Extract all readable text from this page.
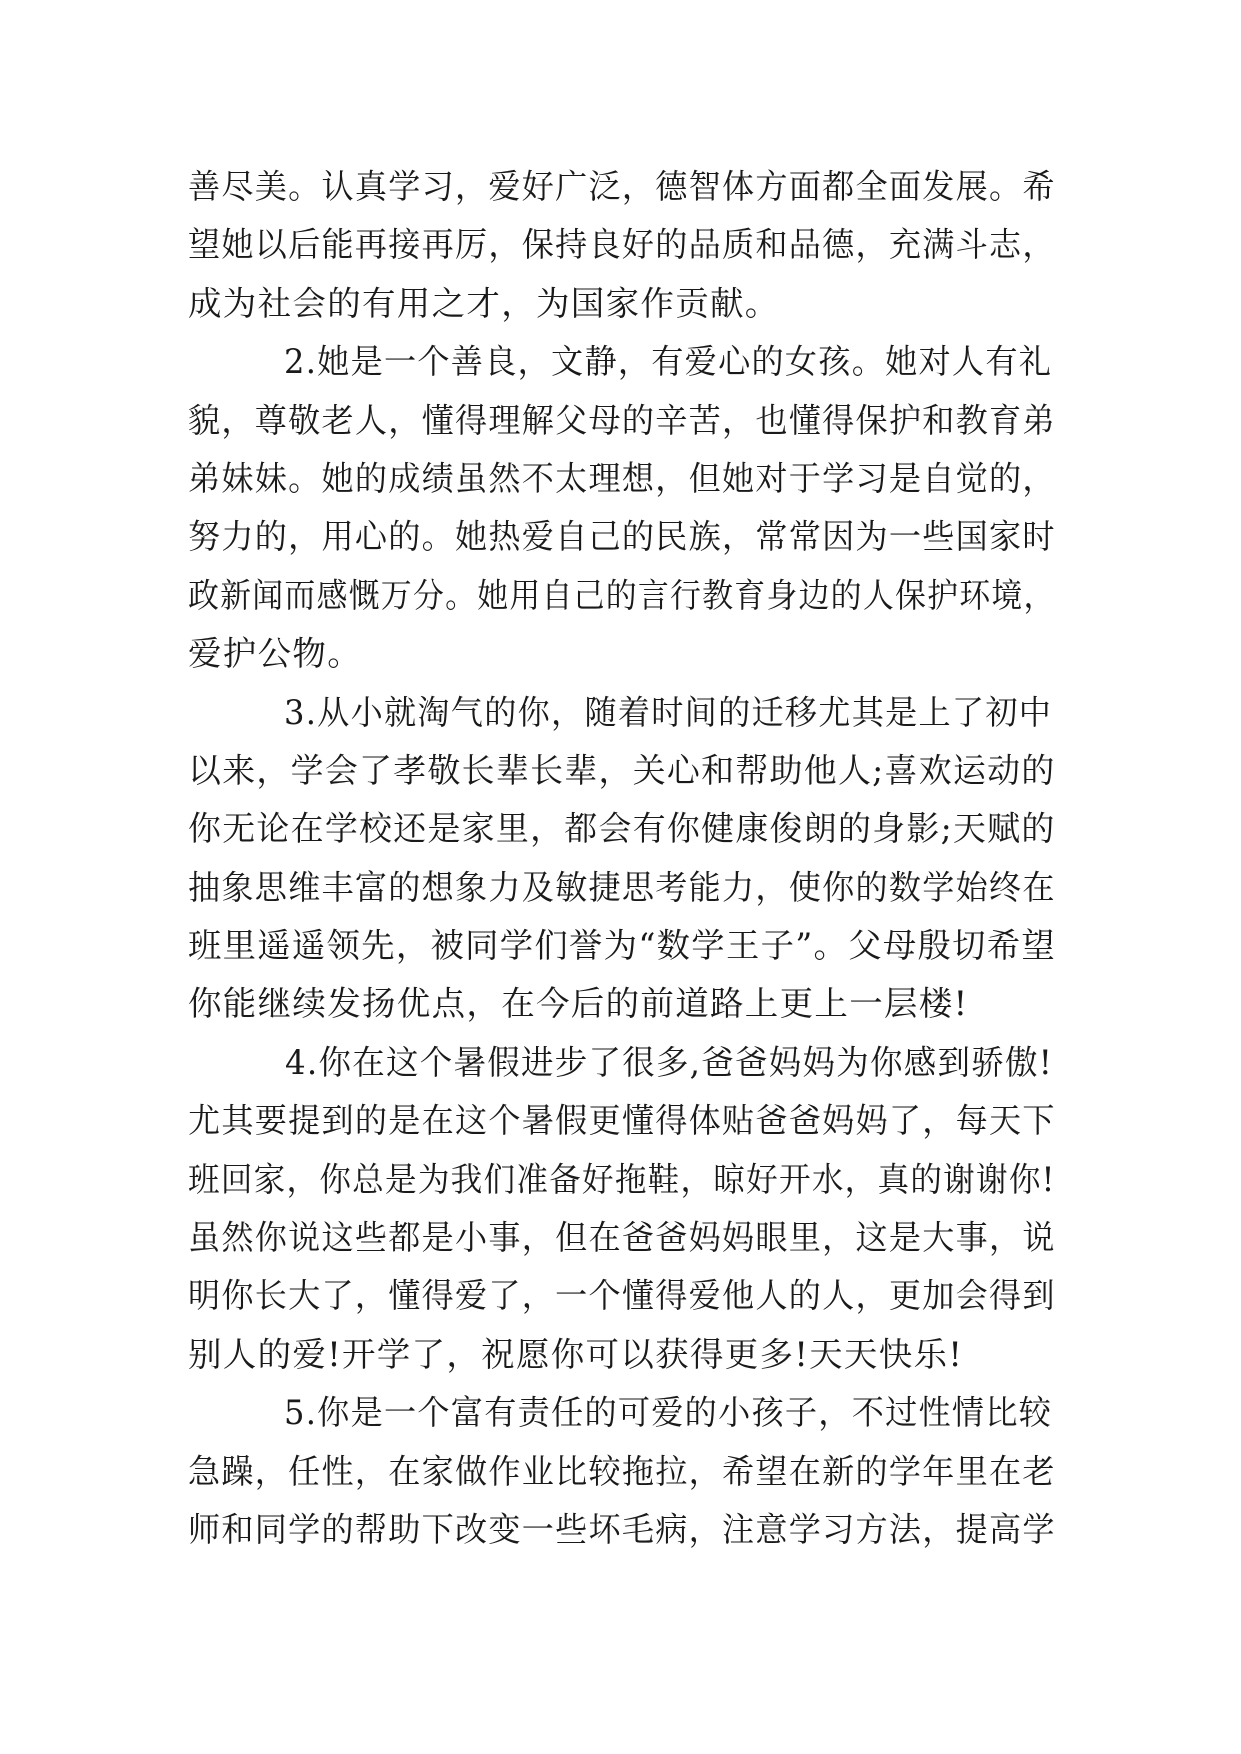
善尽美。认真学习，爱好广泛，德智体方面都全面发展。希
望她以后能再接再厉，保持良好的品质和品德，充满斗志，
成为社会的有用之才，为国家作贡献。
2.她是一个善良，文静，有爱心的女孩。她对人有礼
貌，尊敬老人，懂得理解父母的辛苦，也懂得保护和教育弟
弟妹妹。她的成绩虽然不太理想，但她对于学习是自觉的，
努力的，用心的。她热爱自己的民族，常常因为一些国家时
政新闻而感慨万分。她用自己的言行教育身边的人保护环境，
爱护公物。
3.从小就淘气的你，随着时间的迁移尤其是上了初中
以来，学会了孝敬长辈长辈，关心和帮助他人;喜欢运动的
你无论在学校还是家里，都会有你健康俊朗的身影;天赋的
抽象思维丰富的想象力及敏捷思考能力，使你的数学始终在
班里遥遥领先，被同学们誉为“数学王子”。父母殷切希望
你能继续发扬优点，在今后的前道路上更上一层楼!
4.你在这个暑假进步了很多,爸爸妈妈为你感到骄傲!
尤其要提到的是在这个暑假更懂得体贴爸爸妈妈了，每天下
班回家，你总是为我们准备好拖鞋，晾好开水，真的谢谢你!
虽然你说这些都是小事，但在爸爸妈妈眼里，这是大事，说
明你长大了，懂得爱了，一个懂得爱他人的人，更加会得到
别人的爱!开学了，祝愿你可以获得更多!天天快乐!
5.你是一个富有责任的可爱的小孩子，不过性情比较
急躁，任性，在家做作业比较拖拉，希望在新的学年里在老
师和同学的帮助下改变一些坏毛病，注意学习方法，提高学
